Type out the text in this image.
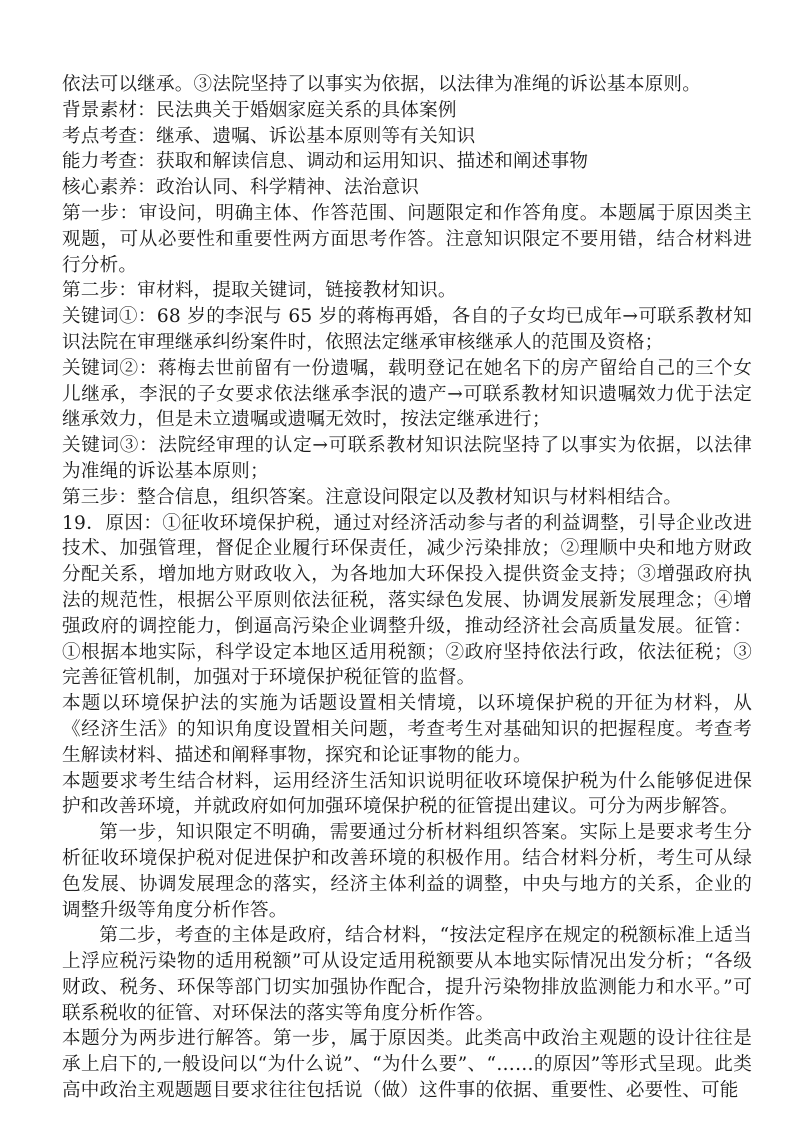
依法可以继承。③法院坚持了以事实为依据，以法律为准绳的诉讼基本原则。

背景素材：民法典关于婚姻家庭关系的具体案例

考点考查：继承、遗嘱、诉讼基本原则等有关知识

能力考查：获取和解读信息、调动和运用知识、描述和阐述事物

核心素养：政治认同、科学精神、法治意识

第一步：审设问，明确主体、作答范围、问题限定和作答角度。本题属于原因类主观题，可从必要性和重要性两方面思考作答。注意知识限定不要用错，结合材料进行分析。

第二步：审材料，提取关键词，链接教材知识。

关键词①：68 岁的李泯与 65 岁的蒋梅再婚，各自的子女均已成年→可联系教材知识法院在审理继承纠纷案件时，依照法定继承审核继承人的范围及资格；

关键词②：蒋梅去世前留有一份遗嘱，载明登记在她名下的房产留给自己的三个女儿继承，李泯的子女要求依法继承李泯的遗产→可联系教材知识遗嘱效力优于法定继承效力，但是未立遗嘱或遗嘱无效时，按法定继承进行；

关键词③：法院经审理的认定→可联系教材知识法院坚持了以事实为依据，以法律为准绳的诉讼基本原则；

第三步：整合信息，组织答案。注意设问限定以及教材知识与材料相结合。

19．原因：①征收环境保护税，通过对经济活动参与者的利益调整，引导企业改进技术、加强管理，督促企业履行环保责任，减少污染排放；②理顺中央和地方财政分配关系，增加地方财政收入，为各地加大环保投入提供资金支持；③增强政府执法的规范性，根据公平原则依法征税，落实绿色发展、协调发展新发展理念；④增强政府的调控能力，倒逼高污染企业调整升级，推动经济社会高质量发展。征管：①根据本地实际，科学设定本地区适用税额；②政府坚持依法行政，依法征税；③完善征管机制，加强对于环境保护税征管的监督。

本题以环境保护法的实施为话题设置相关情境，以环境保护税的开征为材料，从《经济生活》的知识角度设置相关问题，考查考生对基础知识的把握程度。考查考生解读材料、描述和阐释事物，探究和论证事物的能力。

本题要求考生结合材料，运用经济生活知识说明征收环境保护税为什么能够促进保护和改善环境，并就政府如何加强环境保护税的征管提出建议。可分为两步解答。

第一步，知识限定不明确，需要通过分析材料组织答案。实际上是要求考生分析征收环境保护税对促进保护和改善环境的积极作用。结合材料分析，考生可从绿色发展、协调发展理念的落实，经济主体利益的调整，中央与地方的关系，企业的调整升级等角度分析作答。

第二步，考查的主体是政府，结合材料，“按法定程序在规定的税额标准上适当上浮应税污染物的适用税额”可从设定适用税额要从本地实际情况出发分析；“各级财政、税务、环保等部门切实加强协作配合，提升污染物排放监测能力和水平。”可联系税收的征管、对环保法的落实等角度分析作答。

本题分为两步进行解答。第一步，属于原因类。此类高中政治主观题的设计往往是承上启下的,一般设问以“为什么说”、“为什么要”、“……的原因”等形式呈现。此类高中政治主观题题目要求往往包括说（做）这件事的依据、重要性、必要性、可能
